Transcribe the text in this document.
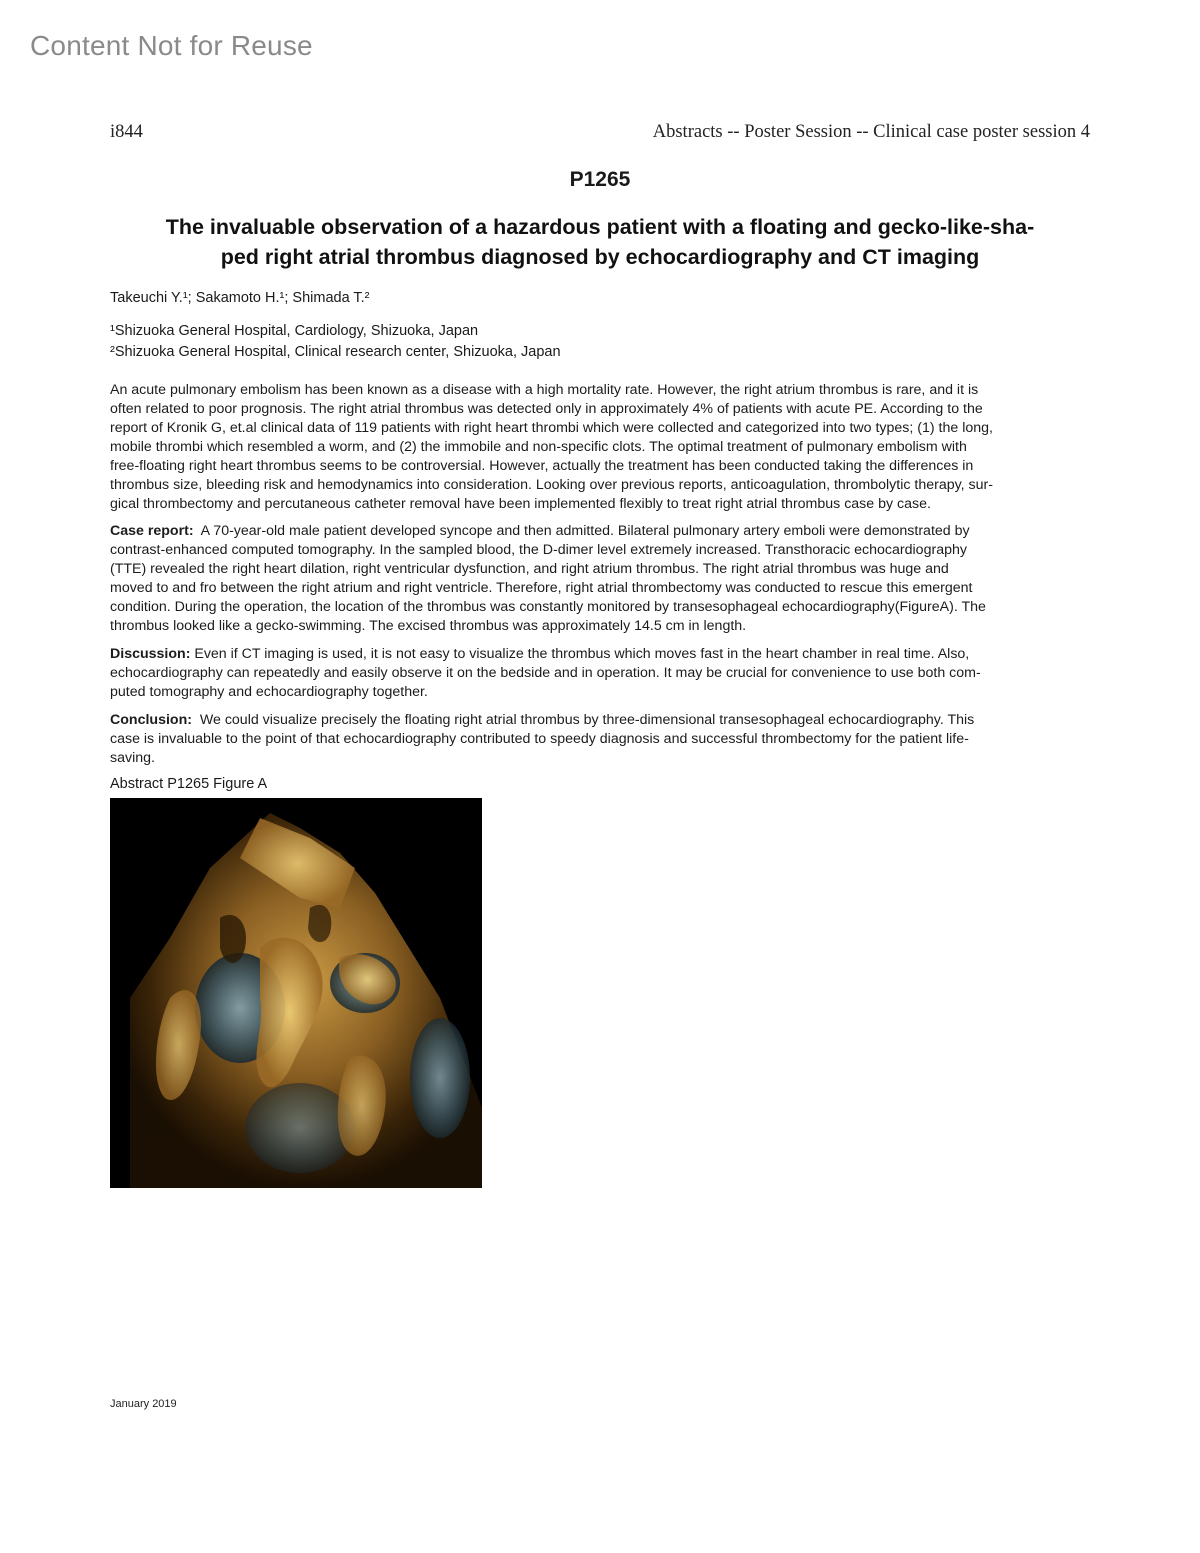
Content Not for Reuse
i844	Abstracts -- Poster Session -- Clinical case poster session 4
P1265
The invaluable observation of a hazardous patient with a floating and gecko-like-sha-
ped right atrial thrombus diagnosed by echocardiography and CT imaging
Takeuchi Y.¹; Sakamoto H.¹; Shimada T.²
¹Shizuoka General Hospital, Cardiology, Shizuoka, Japan
²Shizuoka General Hospital, Clinical research center, Shizuoka, Japan
An acute pulmonary embolism has been known as a disease with a high mortality rate. However, the right atrium thrombus is rare, and it is
often related to poor prognosis. The right atrial thrombus was detected only in approximately 4% of patients with acute PE. According to the
report of Kronik G, et.al clinical data of 119 patients with right heart thrombi which were collected and categorized into two types; (1) the long,
mobile thrombi which resembled a worm, and (2) the immobile and non-specific clots. The optimal treatment of pulmonary embolism with
free-floating right heart thrombus seems to be controversial. However, actually the treatment has been conducted taking the differences in
thrombus size, bleeding risk and hemodynamics into consideration. Looking over previous reports, anticoagulation, thrombolytic therapy, sur-
gical thrombectomy and percutaneous catheter removal have been implemented flexibly to treat right atrial thrombus case by case.
Case report:  A 70-year-old male patient developed syncope and then admitted. Bilateral pulmonary artery emboli were demonstrated by
contrast-enhanced computed tomography. In the sampled blood, the D-dimer level extremely increased. Transthoracic echocardiography
(TTE) revealed the right heart dilation, right ventricular dysfunction, and right atrium thrombus. The right atrial thrombus was huge and
moved to and fro between the right atrium and right ventricle. Therefore, right atrial thrombectomy was conducted to rescue this emergent
condition. During the operation, the location of the thrombus was constantly monitored by transesophageal echocardiography(FigureA). The
thrombus looked like a gecko-swimming. The excised thrombus was approximately 14.5 cm in length.
Discussion: Even if CT imaging is used, it is not easy to visualize the thrombus which moves fast in the heart chamber in real time. Also,
echocardiography can repeatedly and easily observe it on the bedside and in operation. It may be crucial for convenience to use both com-
puted tomography and echocardiography together.
Conclusion:  We could visualize precisely the floating right atrial thrombus by three-dimensional transesophageal echocardiography. This
case is invaluable to the point of that echocardiography contributed to speedy diagnosis and successful thrombectomy for the patient life-
saving.
Abstract P1265 Figure A
January 2019
